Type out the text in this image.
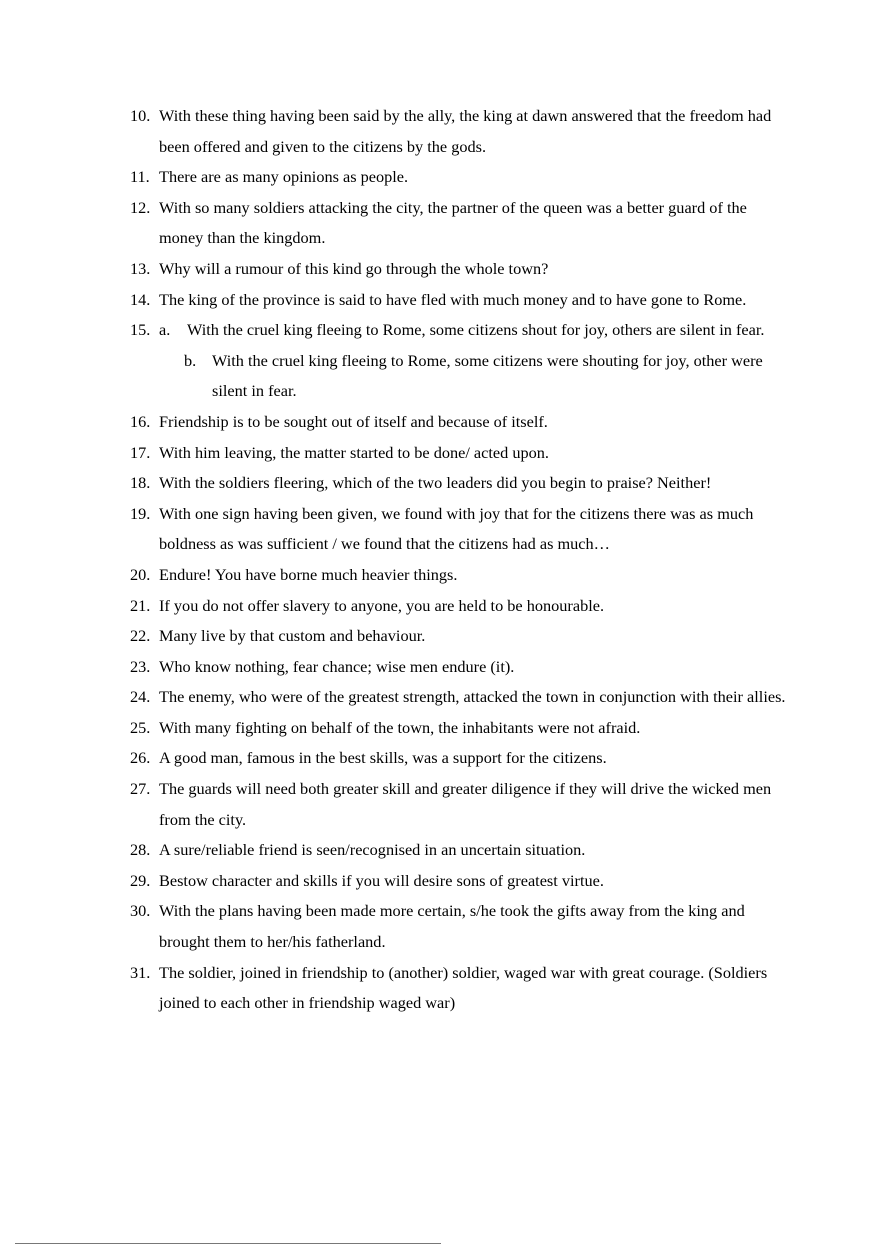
10. With these thing having been said by the ally, the king at dawn answered that the freedom had been offered and given to the citizens by the gods.
11. There are as many opinions as people.
12. With so many soldiers attacking the city, the partner of the queen was a better guard of the money than the kingdom.
13. Why will a rumour of this kind go through the whole town?
14. The king of the province is said to have fled with much money and to have gone to Rome.
15. a. With the cruel king fleeing to Rome, some citizens shout for joy, others are silent in fear.
b. With the cruel king fleeing to Rome, some citizens were shouting for joy, other were silent in fear.
16. Friendship is to be sought out of itself and because of itself.
17. With him leaving, the matter started to be done/ acted upon.
18. With the soldiers fleering, which of the two leaders did you begin to praise? Neither!
19. With one sign having been given, we found with joy that for the citizens there was as much boldness as was sufficient / we found that the citizens had as much…
20. Endure! You have borne much heavier things.
21. If you do not offer slavery to anyone, you are held to be honourable.
22. Many live by that custom and behaviour.
23. Who know nothing, fear chance; wise men endure (it).
24. The enemy, who were of the greatest strength, attacked the town in conjunction with their allies.
25. With many fighting on behalf of the town, the inhabitants were not afraid.
26. A good man, famous in the best skills, was a support for the citizens.
27. The guards will need both greater skill and greater diligence if they will drive the wicked men from the city.
28. A sure/reliable friend is seen/recognised in an uncertain situation.
29. Bestow character and skills if you will desire sons of greatest virtue.
30. With the plans having been made more certain, s/he took the gifts away from the king and brought them to her/his fatherland.
31. The soldier, joined in friendship to (another) soldier, waged war with great courage. (Soldiers joined to each other in friendship waged war)
